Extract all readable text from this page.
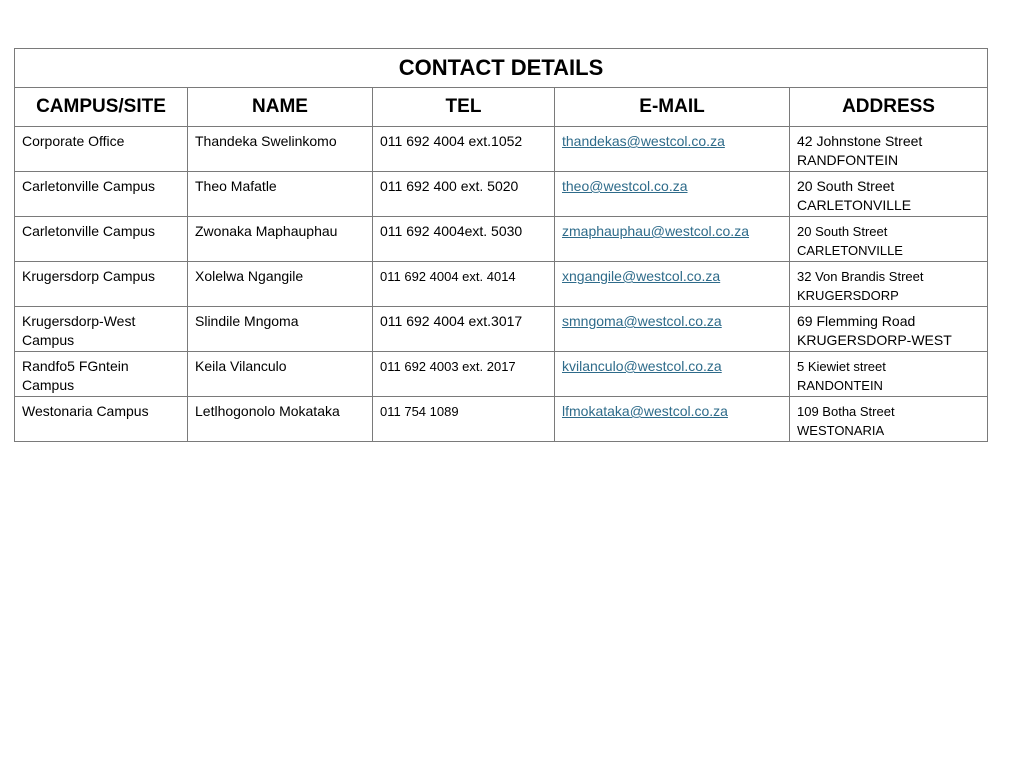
CONTACT DETAILS				
CAMPUS/SITE	NAME	TEL	E-MAIL	ADDRESS
Corporate Office	Thandeka Swelinkomo	011 692 4004 ext.1052	thandekas@westcol.co.za	42 Johnstone Street
RANDFONTEIN

Carletonville Campus	Theo Mafatle	011 692 400 ext. 5020	theo@westcol.co.za	20 South Street
CARLETONVILLE

Carletonville Campus	Zwonaka Maphauphau	011 692 4004ext. 5030	zmaphauphau@westcol.co.za	20 South Street
CARLETONVILLE

Krugersdorp Campus	Xolelwa Ngangile	011 692 4004 ext. 4014	xngangile@westcol.co.za	32 Von Brandis Street
KRUGERSDORP

Krugersdorp-West Campus	Slindile Mngoma	011 692 4004 ext.3017	smngoma@westcol.co.za	69 Flemming Road
KRUGERSDORP-WEST

Randfo5 FGntein Campus	Keila Vilanculo	011 692 4003 ext. 2017	kvilanculo@westcol.co.za	5 Kiewiet street
RANDONTEIN

Westonaria Campus	Letlhogonolo Mokataka	011 754 1089	lfmokataka@westcol.co.za	109 Botha Street
WESTONARIA
